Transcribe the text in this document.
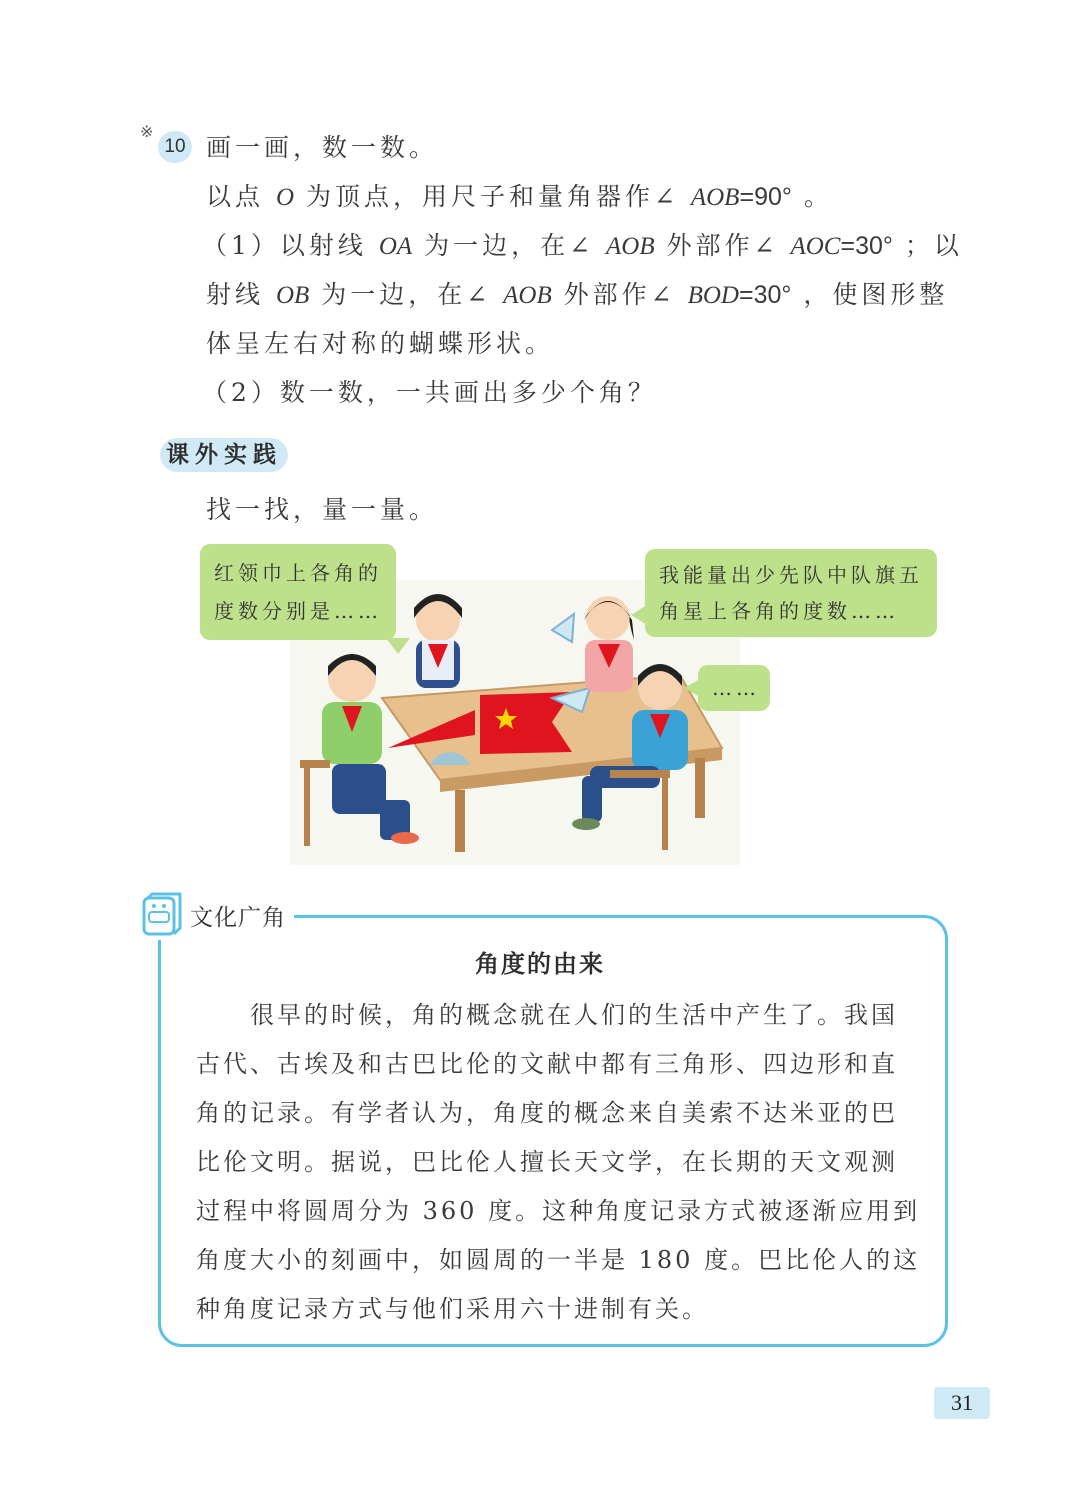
※
10 画一画，数一数。
以点 O 为顶点，用尺子和量角器作∠ AOB=90° 。
（1）以射线 OA 为一边，在∠ AOB 外部作∠ AOC=30° ；以
射线 OB 为一边，在∠ AOB 外部作∠ BOD=30° ，使图形整
体呈左右对称的蝴蝶形状。
（2）数一数，一共画出多少个角？
课外实践
找一找，量一量。
红领巾上各角的
度数分别是……
我能量出少先队中队旗五
角星上各角的度数……
……
文化广角
角度的由来
很早的时候，角的概念就在人们的生活中产生了。我国
古代、古埃及和古巴比伦的文献中都有三角形、四边形和直
角的记录。有学者认为，角度的概念来自美索不达米亚的巴
比伦文明。据说，巴比伦人擅长天文学，在长期的天文观测
过程中将圆周分为 360 度。这种角度记录方式被逐渐应用到
角度大小的刻画中，如圆周的一半是 180 度。巴比伦人的这
种角度记录方式与他们采用六十进制有关。
31
